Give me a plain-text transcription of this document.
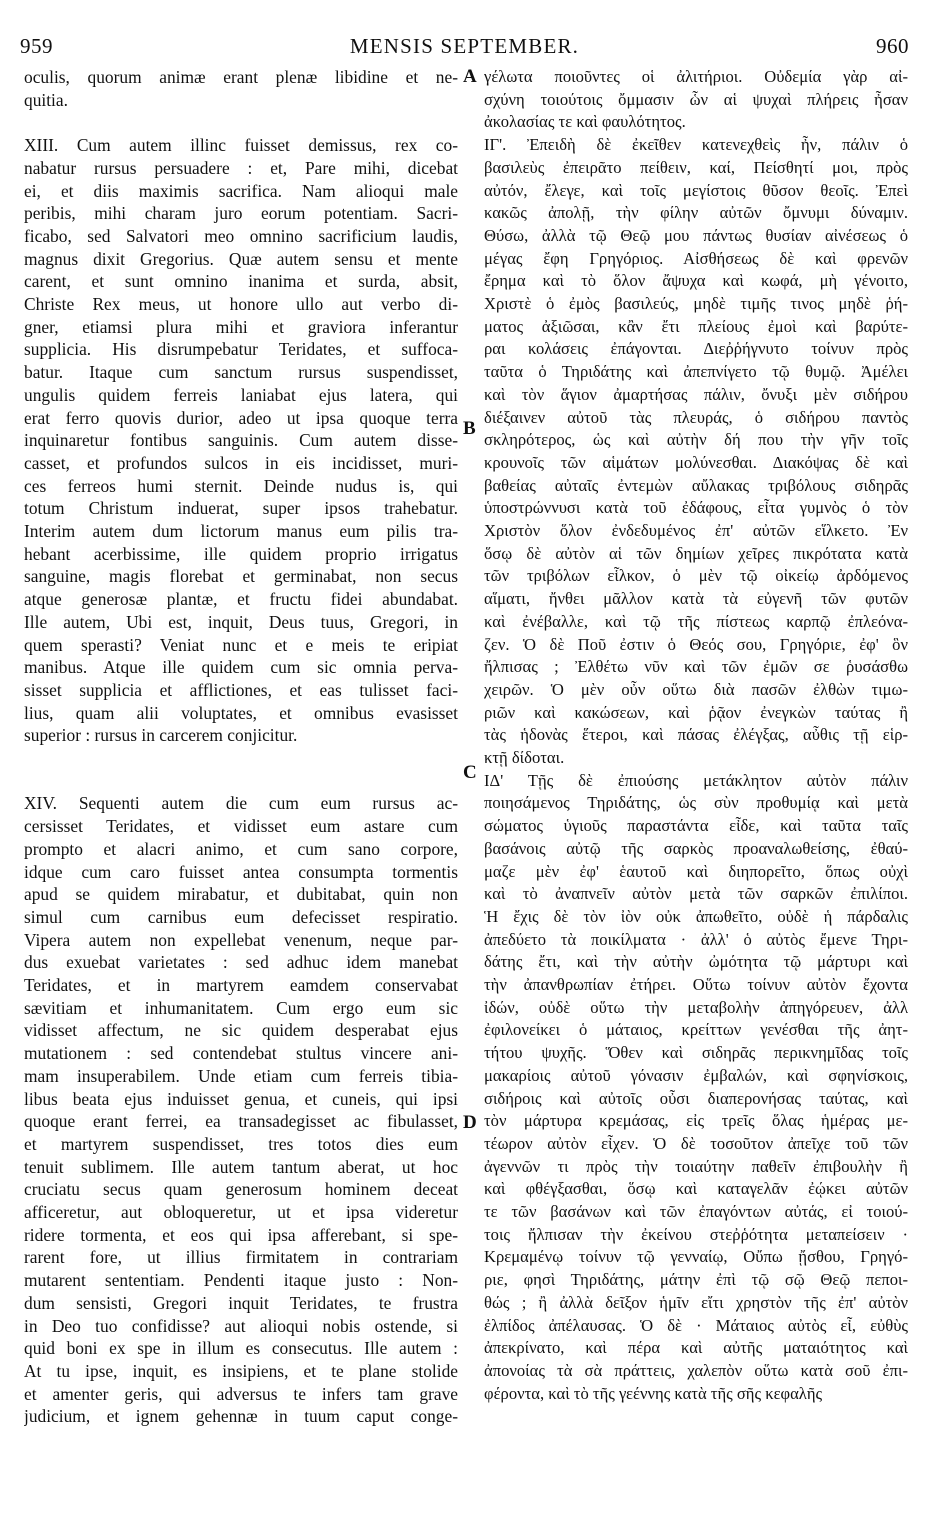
959	MENSIS SEPTEMBER.	960
oculis, quorum animæ erant plenæ libidine et ne-
quitia.
XIII. Cum autem illinc fuisset demissus, rex co-
nabatur rursus persuadere : et, Pare mihi, dicebat
ei, et diis maximis sacrifica. Nam alioqui male
peribis, mihi charam juro eorum potentiam. Sacri-
ficabo, sed Salvatori meo omnino sacrificium laudis,
magnus dixit Gregorius. Quæ autem sensu et mente
carent, et sunt omnino inanima et surda, absit,
Christe Rex meus, ut honore ullo aut verbo di-
gner, etiamsi plura mihi et graviora inferantur
supplicia. His disrumpebatur Teridates, et suffoca-
batur. Itaque cum sanctum rursus suspendisset,
ungulis quidem ferreis laniabat ejus latera, qui
erat ferro quovis durior, adeo ut ipsa quoque terra
inquinaretur fontibus sanguinis. Cum autem disse-
casset, et profundos sulcos in eis incidisset, muri-
ces ferreos humi sternit. Deinde nudus is, qui
totum Christum induerat, super ipsos trahebatur.
Interim autem dum lictorum manus eum pilis tra-
hebant acerbissime, ille quidem proprio irrigatus
sanguine, magis florebat et germinabat, non secus
atque generosæ plantæ, et fructu fidei abundabat.
Ille autem, Ubi est, inquit, Deus tuus, Gregori, in
quem sperasti? Veniat nunc et e meis te eripiat
manibus. Atque ille quidem cum sic omnia perva-
sisset supplicia et afflictiones, et eas tulisset faci-
lius, quam alii voluptates, et omnibus evasisset
superior : rursus in carcerem conjicitur.
XIV. Sequenti autem die cum eum rursus ac-
cersisset Teridates, et vidisset eum astare cum
prompto et alacri animo, et cum sano corpore,
idque cum caro fuisset antea consumpta tormentis
apud se quidem mirabatur, et dubitabat, quin non
simul cum carnibus eum defecisset respiratio.
Vipera autem non expellebat venenum, neque par-
dus exuebat varietates : sed adhuc idem manebat
Teridates, et in martyrem eamdem conservabat
sævitiam et inhumanitatem. Cum ergo eum sic
vidisset affectum, ne sic quidem desperabat ejus
mutationem : sed contendebat stultus vincere ani-
mam insuperabilem. Unde etiam cum ferreis tibia-
libus beata ejus induisset genua, et cuneis, qui ipsi
quoque erant ferrei, ea transadegisset ac fibulasset,
et martyrem suspendisset, tres totos dies eum
tenuit sublimem. Ille autem tantum aberat, ut hoc
cruciatu secus quam generosum hominem deceat
afficeretur, aut obloqueretur, ut et ipsa videretur
ridere tormenta, et eos qui ipsa afferebant, si spe-
rarent fore, ut illius firmitatem in contrariam
mutarent sententiam. Pendenti itaque justo : Non-
dum sensisti, Gregori inquit Teridates, te frustra
in Deo tuo confidisse? aut alioqui nobis ostende, si
quid boni ex spe in illum es consecutus. Ille autem :
At tu ipse, inquit, es insipiens, et te plane stolide
et amenter geris, qui adversus te infers tam grave
judicium, et ignem gehennæ in tuum caput conge-
γέλωτα ποιοῦντες οἱ ἀλιτήριοι. Οὐδεμία γὰρ αἰ-
σχύνη τοιούτοις ὄμμασιν ὧν αἱ ψυχαὶ πλήρεις ἦσαν
ἀκολασίας τε καὶ φαυλότητος.
ΙΓ'. Ἐπειδὴ δὲ ἐκεῖθεν κατενεχθεὶς ἦν, πάλιν ὁ
βασιλεὺς ἐπειρᾶτο πείθειν, καί, Πείσθητί μοι, πρὸς
αὐτόν, ἔλεγε, καὶ τοῖς μεγίστοις θῦσον θεοῖς. Ἐπεὶ
κακῶς ἀπολῇ, τὴν φίλην αὐτῶν ὄμνυμι δύναμιν.
Θύσω, ἀλλὰ τῷ Θεῷ μου πάντως θυσίαν αἰνέσεως ὁ
μέγας ἔφη Γρηγόριος. Αἰσθήσεως δὲ καὶ φρενῶν
ἔρημα καὶ τὸ ὅλον ἄψυχα καὶ κωφά, μὴ γένοιτο,
Χριστὲ ὁ ἐμὸς βασιλεύς, μηδὲ τιμῆς τινος μηδὲ ῥή-
ματος ἀξιῶσαι, κἂν ἔτι πλείους ἐμοὶ καὶ βαρύτε-
ραι κολάσεις ἐπάγονται. Διεῤῥήγνυτο τοίνυν πρὸς
ταῦτα ὁ Τηριδάτης καὶ ἀπεπνίγετο τῷ θυμῷ. Ἀμέλει
καὶ τὸν ἅγιον ἀμαρτήσας πάλιν, ὄνυξι μὲν σιδήρου
διέξαινεν αὐτοῦ τὰς πλευράς, ὁ σιδήρου παντὸς
σκληρότερος, ὡς καὶ αὐτὴν δή που τὴν γῆν τοῖς
κρουνοῖς τῶν αἱμάτων μολύνεσθαι. Διακόψας δὲ καὶ
βαθείας αὐταῖς ἐντεμὼν αὔλακας τριβόλους σιδηρᾶς
ὑποστρώννυσι κατὰ τοῦ ἐδάφους, εἶτα γυμνὸς ὁ τὸν
Χριστὸν ὅλον ἐνδεδυμένος ἐπ' αὐτῶν εἵλκετο. Ἐν
ὅσῳ δὲ αὐτὸν αἱ τῶν δημίων χεῖρες πικρότατα κατὰ
τῶν τριβόλων εἷλκον, ὁ μὲν τῷ οἰκείῳ ἀρδόμενος
αἵματι, ἤνθει μᾶλλον κατὰ τὰ εὐγενῆ τῶν φυτῶν
καὶ ἐνέβαλλε, καὶ τῷ τῆς πίστεως καρπῷ ἐπλεόνα-
ζεν. Ὁ δὲ Ποῦ ἐστιν ὁ Θεός σου, Γρηγόριε, ἐφ' ὃν
ἤλπισας ; Ἐλθέτω νῦν καὶ τῶν ἐμῶν σε ῥυσάσθω
χειρῶν. Ὁ μὲν οὖν οὕτω διὰ πασῶν ἐλθὼν τιμω-
ριῶν καὶ κακώσεων, καὶ ῥᾷον ἐνεγκὼν ταύτας ἢ
τὰς ἡδονὰς ἕτεροι, καὶ πάσας ἐλέγξας, αὖθις τῇ εἱρ-
κτῇ δίδοται.
ΙΔ' Τῇς δὲ ἐπιούσης μετάκλητον αὐτὸν πάλιν
ποιησάμενος Τηριδάτης, ὡς σὺν προθυμίᾳ καὶ μετὰ
σώματος ὑγιοῦς παραστάντα εἶδε, καὶ ταῦτα ταῖς
βασάνοις αὐτῷ τῆς σαρκὸς προαναλωθείσης, ἐθαύ-
μαζε μὲν ἐφ' ἑαυτοῦ καὶ διηπορεῖτο, ὅπως οὐχὶ
καὶ τὸ ἀναπνεῖν αὐτὸν μετὰ τῶν σαρκῶν ἐπιλίποι.
Ἡ ἔχις δὲ τὸν ἰὸν οὐκ ἀπωθεῖτο, οὐδὲ ἡ πάρδαλις
ἀπεδύετο τὰ ποικίλματα · ἀλλ' ὁ αὐτὸς ἔμενε Τηρι-
δάτης ἔτι, καὶ τὴν αὐτὴν ὠμότητα τῷ μάρτυρι καὶ
τὴν ἀπανθρωπίαν ἐτήρει. Οὕτω τοίνυν αὐτὸν ἔχοντα
ἰδών, οὐδὲ οὕτω τὴν μεταβολὴν ἀπηγόρευεν, ἀλλ
ἐφιλονείκει ὁ μάταιος, κρείττων γενέσθαι τῆς ἀητ-
τήτου ψυχῆς. Ὅθεν καὶ σιδηρᾶς περικνημῖδας τοῖς
μακαρίοις αὐτοῦ γόνασιν ἐμβαλών, καὶ σφηνίσκοις,
σιδήροις καὶ αὐτοῖς οὖσι διαπερονήσας ταύτας, καὶ
τὸν μάρτυρα κρεμάσας, εἰς τρεῖς ὅλας ἡμέρας με-
τέωρον αὐτὸν εἶχεν. Ὁ δὲ τοσοῦτον ἀπεῖχε τοῦ τῶν
ἀγεννῶν τι πρὸς τὴν τοιαύτην παθεῖν ἐπιβουλὴν ἢ
καὶ φθέγξασθαι, ὅσῳ καὶ καταγελᾶν ἐῴκει αὐτῶν
τε τῶν βασάνων καὶ τῶν ἐπαγόντων αὐτάς, εἰ τοιού-
τοις ἤλπισαν τὴν ἐκείνου στεῤῥότητα μεταπείσειν ·
Κρεμαμένῳ τοίνυν τῷ γενναίῳ, Οὔπω ᾔσθου, Γρηγό-
ριε, φησὶ Τηριδάτης, μάτην ἐπὶ τῷ σῷ Θεῷ πεποι-
θώς ; ἢ ἀλλὰ δεῖξον ἡμῖν εἴτι χρηστὸν τῆς ἐπ' αὐτὸν
ἐλπίδος ἀπέλαυσας. Ὁ δὲ · Μάταιος αὐτὸς εἶ, εὐθὺς
ἀπεκρίνατο, καὶ πέρα καὶ αὐτῆς ματαιότητος καὶ
ἀπονοίας τὰ σὰ πράττεις, χαλεπὸν οὕτω κατὰ σοῦ ἐπι-
φέροντα, καὶ τὸ τῆς γεέννης κατὰ τῆς σῆς κεφαλῆς
A
B
C
D
